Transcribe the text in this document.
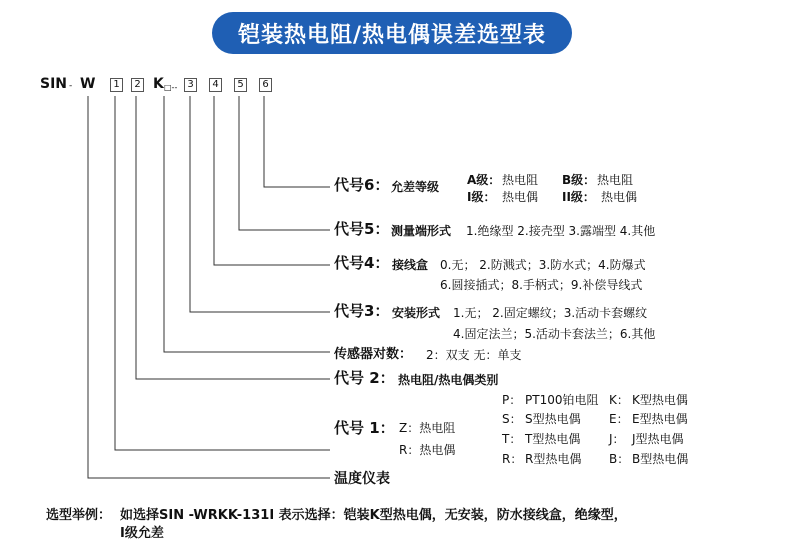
铠装热电阻/热电偶误差选型表
SIN - W	1	2 K □-- 3	4	5	6
代号6： 允差等级 A级： 热电阻 B级： 热电阻
I级： 热电偶 II级： 热电偶
代号5： 测量端形式 1.绝缘型 2.接壳型 3.露端型 4.其他
代号4： 接线盒 0.无； 2.防溅式；3.防水式；4.防爆式
6.圆接插式；8.手柄式；9.补偿导线式
代号3： 安装形式 1.无； 2.固定螺纹；3.活动卡套螺纹
4.固定法兰；5.活动卡套法兰；6.其他
传感器对数： 2：双支 无：单支
代号 2： 热电阻/热电偶类别
P： PT100铂电阻 K： K型热电偶
S： S型热电偶 E： E型热电偶
T： T型热电偶 J： J型热电偶
R： R型热电偶 B： B型热电偶
代号 1： Z：热电阻
R：热电偶
温度仪表
选型举例： 如选择SIN -WRKK-131I 表示选择：铠装K型热电偶，无安装，防水接线盒，绝缘型，
I级允差
